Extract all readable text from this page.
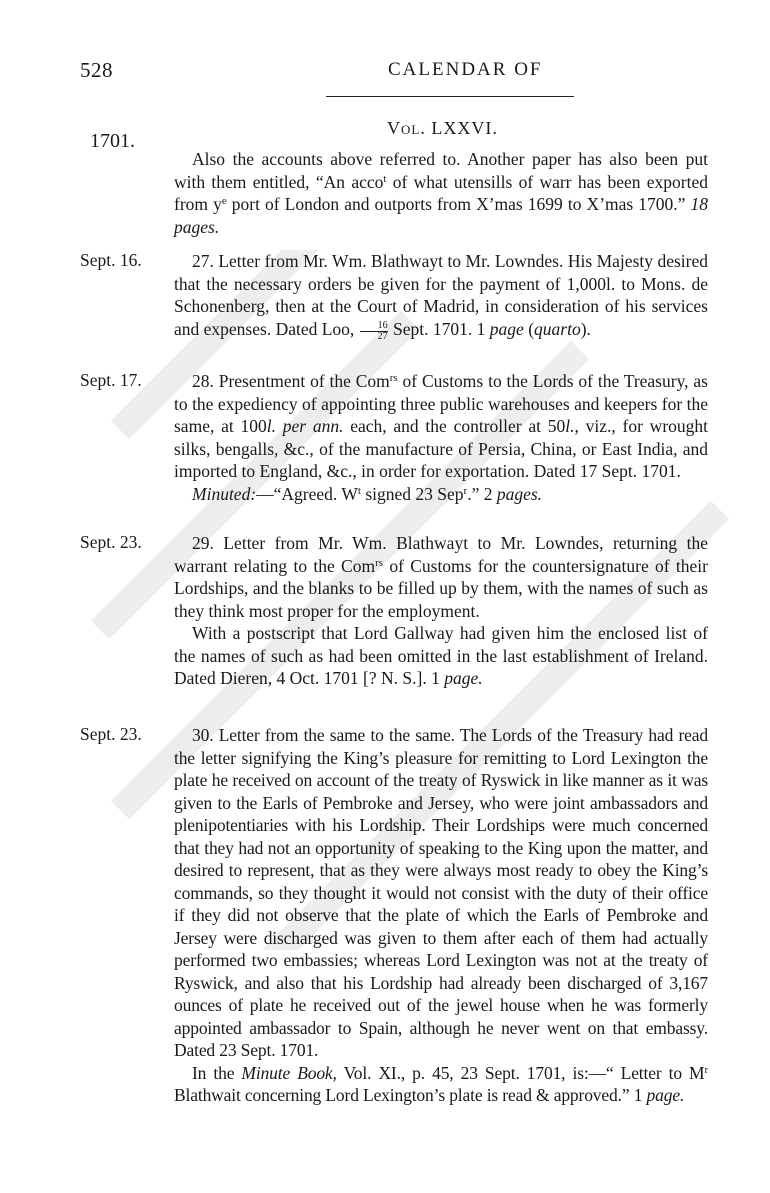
528	CALENDAR OF
1701.
Vol. LXXVI.

Also the accounts above referred to. Another paper has also been put with them entitled, “An acco$^t$ of what utensills of warr has been exported from $y^e$ port of London and outports from X’mas 1699 to X’mas 1700.” 18 pages.

Sept. 16.	27. Letter from Mr. Wm. Blathwayt to Mr. Lowndes. His Majesty desired that the necessary orders be given for the payment of 1,000l. to Mons. de Schonenberg, then at the Court of Madrid, in consideration of his services and expenses. Dated Loo, $\frac{16}{27}$ Sept. 1701. 1 page (quarto).

Sept. 17.	28. Presentment of the Com$^{rs}$ of Customs to the Lords of the Treasury, as to the expediency of appointing three public warehouses and keepers for the same, at 100l. per ann. each, and the controller at 50l., viz., for wrought silks, bengalls, &c., of the manufacture of Persia, China, or East India, and imported to England, &c., in order for exportation. Dated 17 Sept. 1701.

Minuted:—“Agreed. $W^t$ signed 23 Sep$^r$.” 2 pages.

Sept. 23.	29. Letter from Mr. Wm. Blathwayt to Mr. Lowndes, returning the warrant relating to the Com$^{rs}$ of Customs for the countersignature of their Lordships, and the blanks to be filled up by them, with the names of such as they think most proper for the employment.

With a postscript that Lord Gallway had given him the enclosed list of the names of such as had been omitted in the last establishment of Ireland. Dated Dieren, 4 Oct. 1701 [? N. S.]. 1 page.

Sept. 23.	30. Letter from the same to the same. The Lords of the Treasury had read the letter signifying the King’s pleasure for remitting to Lord Lexington the plate he received on account of the treaty of Ryswick in like manner as it was given to the Earls of Pembroke and Jersey, who were joint ambassadors and plenipotentiaries with his Lordship. Their Lordships were much concerned that they had not an opportunity of speaking to the King upon the matter, and desired to represent, that as they were always most ready to obey the King’s commands, so they thought it would not consist with the duty of their office if they did not observe that the plate of which the Earls of Pembroke and Jersey were discharged was given to them after each of them had actually performed two embassies; whereas Lord Lexington was not at the treaty of Ryswick, and also that his Lordship had already been discharged of 3,167 ounces of plate he received out of the jewel house when he was formerly appointed ambassador to Spain, although he never went on that embassy. Dated 23 Sept. 1701.

In the Minute Book, Vol. XI., p. 45, 23 Sept. 1701, is:—“ Letter to $M^r$ Blathwait concerning Lord Lexington’s plate is read & approved.” 1 page.
